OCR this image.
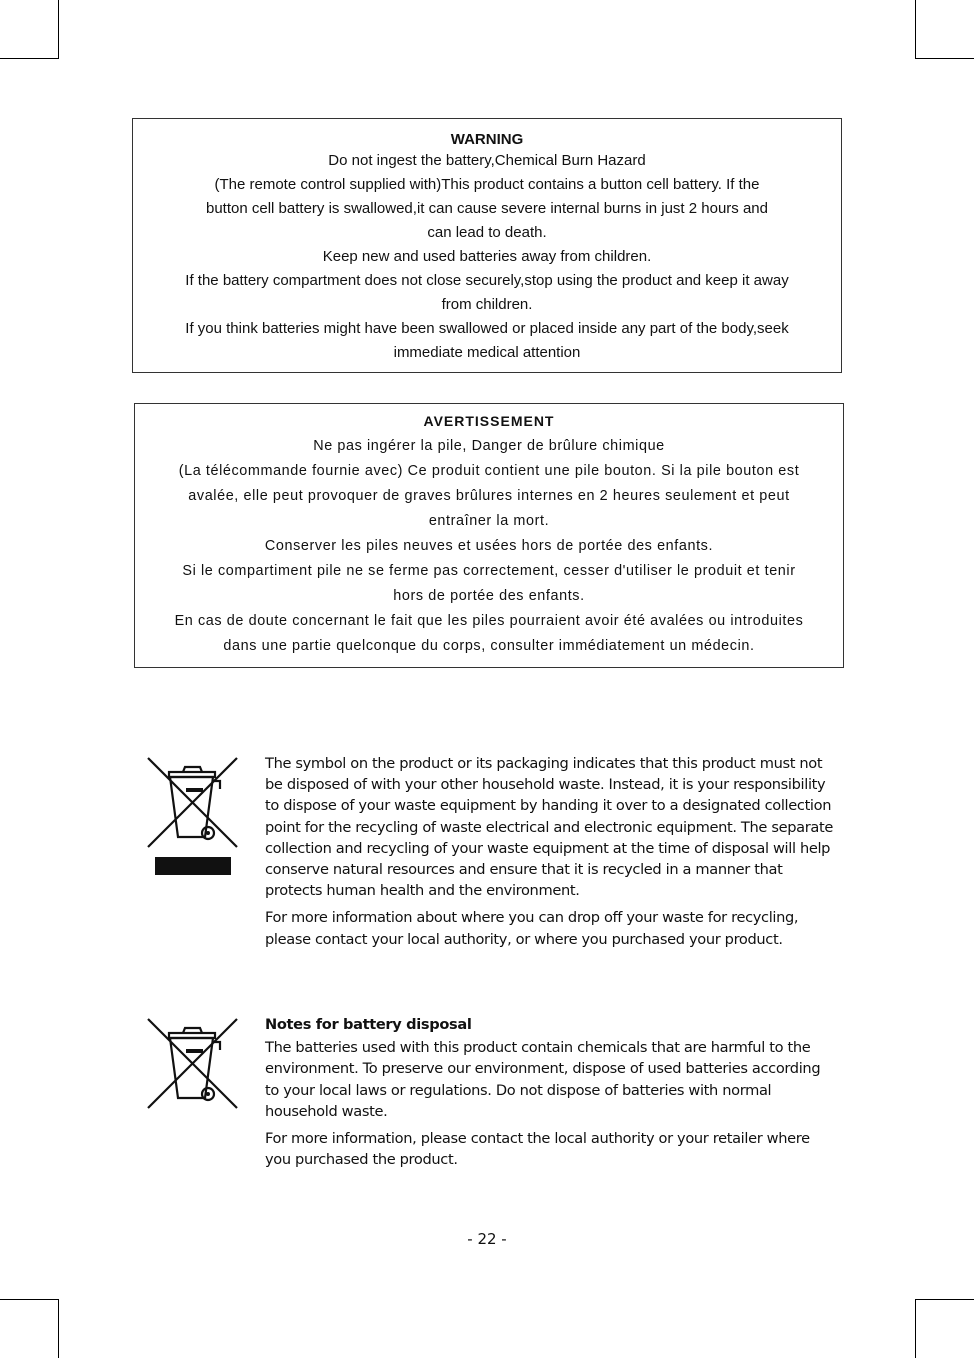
WARNING

Do not ingest the battery,Chemical Burn Hazard

(The remote control supplied with)This product contains a button cell battery. If the

button cell battery is swallowed,it can cause severe internal burns in just 2 hours and

can lead to death.

Keep new and used batteries away from children.

If the battery compartment does not close securely,stop using the product and keep it away

from children.

If you think batteries might have been swallowed or placed inside any part of the body,seek

immediate medical attention

AVERTISSEMENT

Ne pas ingérer la pile, Danger de brûlure chimique

(La télécommande fournie avec) Ce produit contient une pile bouton. Si la pile bouton est

avalée, elle peut provoquer de graves brûlures internes en 2 heures seulement et peut

entraîner la mort.

Conserver les piles neuves et usées hors de portée des enfants.

Si le compartiment pile ne se ferme pas correctement, cesser d'utiliser le produit et tenir

hors de portée des enfants.

En cas de doute concernant le fait que les piles pourraient avoir été avalées ou introduites

dans une partie quelconque du corps, consulter immédiatement un médecin.

The symbol on the product or its packaging indicates that this product must not be disposed of with your other household waste. Instead, it is your responsibility to dispose of your waste equipment by handing it over to a designated collection point for the recycling of waste electrical and electronic equipment. The separate collection and recycling of your waste equipment at the time of disposal will help conserve natural resources and ensure that it is recycled in a manner that protects human health and the environment.

For more information about where you can drop off your waste for recycling, please contact your local authority, or where you purchased your product.

Notes for battery disposal

The batteries used with this product contain chemicals that are harmful to the environment. To preserve our environment, dispose of used batteries according to your local laws or regulations. Do not dispose of batteries with normal household waste.

For more information, please contact the local authority or your retailer where you purchased the product.

- 22 -
